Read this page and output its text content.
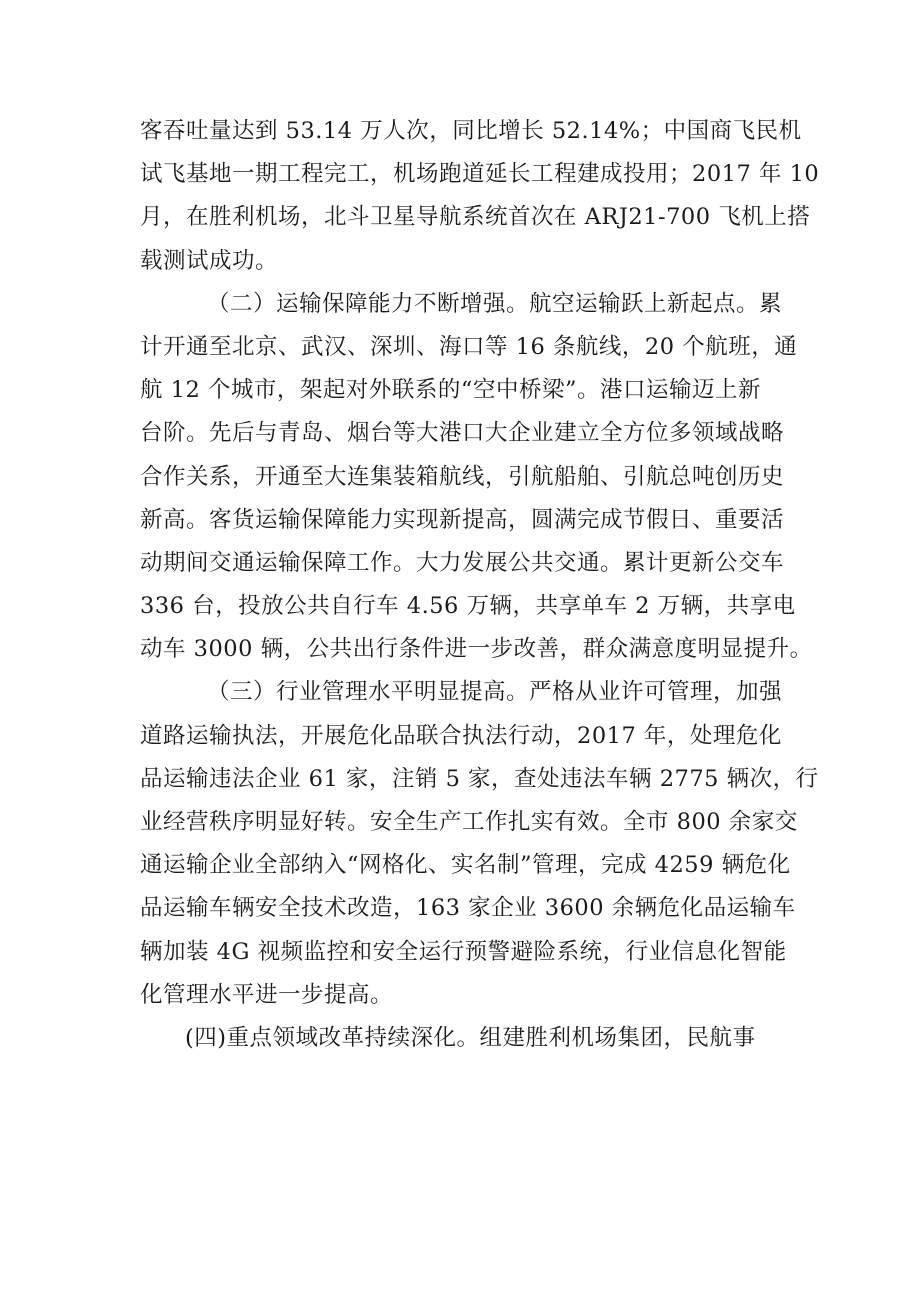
客吞吐量达到 53.14 万人次，同比增长 52.14%；中国商飞民机
试飞基地一期工程完工，机场跑道延长工程建成投用；2017 年 10
月，在胜利机场，北斗卫星导航系统首次在 ARJ21-700 飞机上搭
载测试成功。
（二）运输保障能力不断增强。航空运输跃上新起点。累
计开通至北京、武汉、深圳、海口等 16 条航线，20 个航班，通
航 12 个城市，架起对外联系的“空中桥梁”。港口运输迈上新
台阶。先后与青岛、烟台等大港口大企业建立全方位多领域战略
合作关系，开通至大连集装箱航线，引航船舶、引航总吨创历史
新高。客货运输保障能力实现新提高，圆满完成节假日、重要活
动期间交通运输保障工作。大力发展公共交通。累计更新公交车
336 台，投放公共自行车 4.56 万辆，共享单车 2 万辆，共享电
动车 3000 辆，公共出行条件进一步改善，群众满意度明显提升。
（三）行业管理水平明显提高。严格从业许可管理，加强
道路运输执法，开展危化品联合执法行动，2017 年，处理危化
品运输违法企业 61 家，注销 5 家，查处违法车辆 2775 辆次，行
业经营秩序明显好转。安全生产工作扎实有效。全市 800 余家交
通运输企业全部纳入“网格化、实名制”管理，完成 4259 辆危化
品运输车辆安全技术改造，163 家企业 3600 余辆危化品运输车
辆加装 4G 视频监控和安全运行预警避险系统，行业信息化智能
化管理水平进一步提高。
(四)重点领域改革持续深化。组建胜利机场集团，民航事
